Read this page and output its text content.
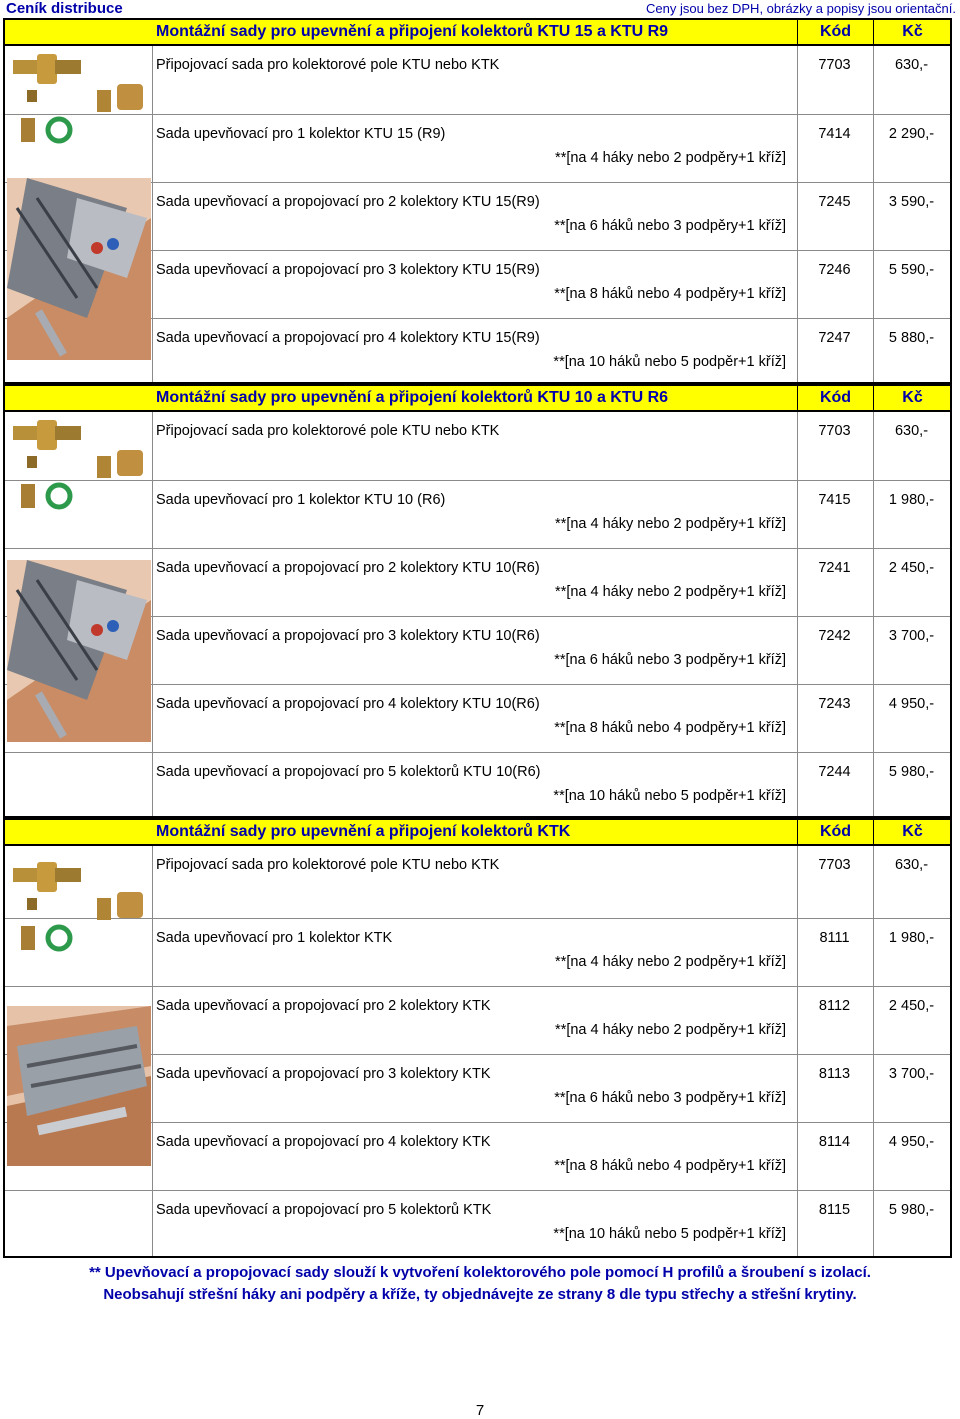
Ceník distribuce	Ceny jsou bez DPH, obrázky a popisy jsou orientační.
Montážní sady pro upevnění a připojení kolektorů KTU 15 a KTU R9	Kód	Kč
Připojovací sada pro kolektorové pole KTU nebo KTK	7703	630,-
Sada upevňovací pro 1 kolektor KTU 15 (R9)
**[na 4 háky nebo 2 podpěry+1 kříž]
7414	2 290,-
Sada upevňovací a propojovací pro 2 kolektory KTU 15(R9)
**[na 6 háků nebo 3 podpěry+1 kříž]
7245	3 590,-
Sada upevňovací a propojovací pro 3 kolektory KTU 15(R9)
**[na 8 háků nebo 4 podpěry+1 kříž]
7246	5 590,-
Sada upevňovací a propojovací pro 4 kolektory KTU 15(R9)
**[na 10 háků nebo 5 podpěr+1 kříž]
7247	5 880,-
Montážní sady pro upevnění a připojení kolektorů KTU 10 a KTU R6	Kód	Kč
Připojovací sada pro kolektorové pole KTU nebo KTK	7703	630,-
Sada upevňovací pro 1 kolektor KTU 10 (R6)
**[na 4 háky nebo 2 podpěry+1 kříž]
7415	1 980,-
Sada upevňovací a propojovací pro 2 kolektory KTU 10(R6)
**[na 4 háky nebo 2 podpěry+1 kříž]
7241	2 450,-
Sada upevňovací a propojovací pro 3 kolektory KTU 10(R6)
**[na 6 háků nebo 3 podpěry+1 kříž]
7242	3 700,-
Sada upevňovací a propojovací pro 4 kolektory KTU 10(R6)
**[na 8 háků nebo 4 podpěry+1 kříž]
7243	4 950,-
Sada upevňovací a propojovací pro 5 kolektorů KTU 10(R6)
**[na 10 háků nebo 5 podpěr+1 kříž]
7244	5 980,-
Montážní sady pro upevnění a připojení kolektorů KTK	Kód	Kč
Připojovací sada pro kolektorové pole KTU nebo KTK	7703	630,-
Sada upevňovací pro 1 kolektor KTK
**[na 4 háky nebo 2 podpěry+1 kříž]
8111	1 980,-
Sada upevňovací a propojovací pro 2 kolektory KTK
**[na 4 háky nebo 2 podpěry+1 kříž]
8112	2 450,-
Sada upevňovací a propojovací pro 3 kolektory KTK
**[na 6 háků nebo 3 podpěry+1 kříž]
8113	3 700,-
Sada upevňovací a propojovací pro 4 kolektory KTK
**[na 8 háků nebo 4 podpěry+1 kříž]
8114	4 950,-
Sada upevňovací a propojovací pro 5 kolektorů KTK
**[na 10 háků nebo 5 podpěr+1 kříž]
8115	5 980,-
** Upevňovací a propojovací sady slouží k vytvoření kolektorového pole pomocí H profilů a šroubení s izolací.
Neobsahují střešní háky ani podpěry a kříže, ty objednávejte ze strany 8 dle typu střechy a střešní krytiny.
7
